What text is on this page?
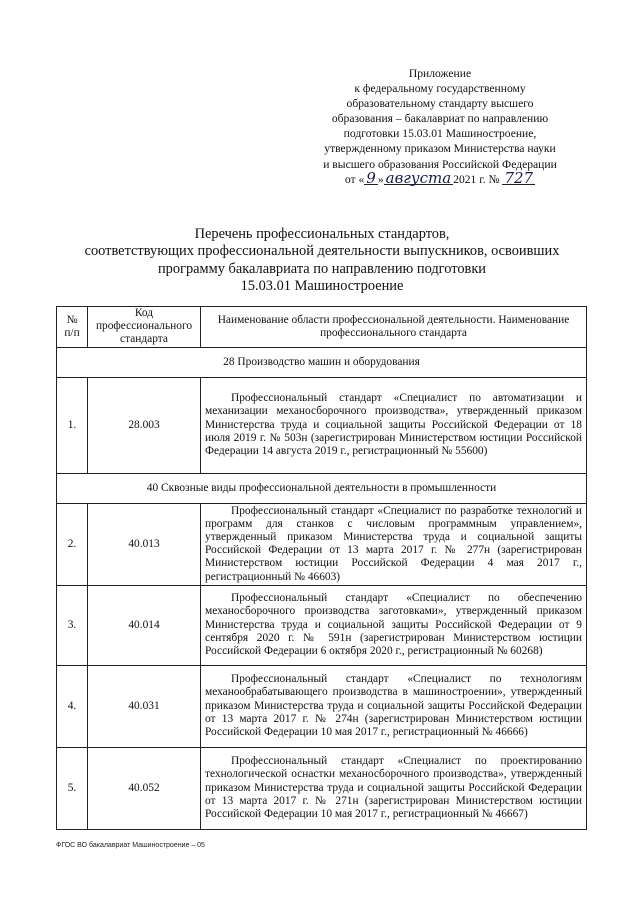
Приложение
к федеральному государственному
образовательному стандарту высшего
образования – бакалавриат по направлению
подготовки 15.03.01 Машиностроение,
утвержденному приказом Министерства науки
и высшего образования Российской Федерации
от « 9 » августа 2021 г. № 727
Перечень профессиональных стандартов,
соответствующих профессиональной деятельности выпускников, освоивших
программу бакалавриата по направлению подготовки
15.03.01 Машиностроение
№ п/п	Код профессионального стандарта	Наименование области профессиональной деятельности. Наименование профессионального стандарта
28 Производство машин и оборудования		
1.	28.003	Профессиональный стандарт «Специалист по автоматизации и механизации механосборочного производства», утвержденный приказом Министерства труда и социальной защиты Российской Федерации от 18 июля 2019 г. № 503н (зарегистрирован Министерством юстиции Российской Федерации 14 августа 2019 г., регистрационный № 55600)
40 Сквозные виды профессиональной деятельности в промышленности		
2.	40.013	Профессиональный стандарт «Специалист по разработке технологий и программ для станков с числовым программным управлением», утвержденный приказом Министерства труда и социальной защиты Российской Федерации от 13 марта 2017 г. № 277н (зарегистрирован Министерством юстиции Российской Федерации 4 мая 2017 г., регистрационный № 46603)
3.	40.014	Профессиональный стандарт «Специалист по обеспечению механосборочного производства заготовками», утвержденный приказом Министерства труда и социальной защиты Российской Федерации от 9 сентября 2020 г. № 591н (зарегистрирован Министерством юстиции Российской Федерации 6 октября 2020 г., регистрационный № 60268)
4.	40.031	Профессиональный стандарт «Специалист по технологиям механообрабатывающего производства в машиностроении», утвержденный приказом Министерства труда и социальной защиты Российской Федерации от 13 марта 2017 г. № 274н (зарегистрирован Министерством юстиции Российской Федерации 10 мая 2017 г., регистрационный № 46666)
5.	40.052	Профессиональный стандарт «Специалист по проектированию технологической оснастки механосборочного производства», утвержденный приказом Министерства труда и социальной защиты Российской Федерации от 13 марта 2017 г. № 271н (зарегистрирован Министерством юстиции Российской Федерации 10 мая 2017 г., регистрационный № 46667)
ФГОС ВО бакалавриат Машиностроение – 05
